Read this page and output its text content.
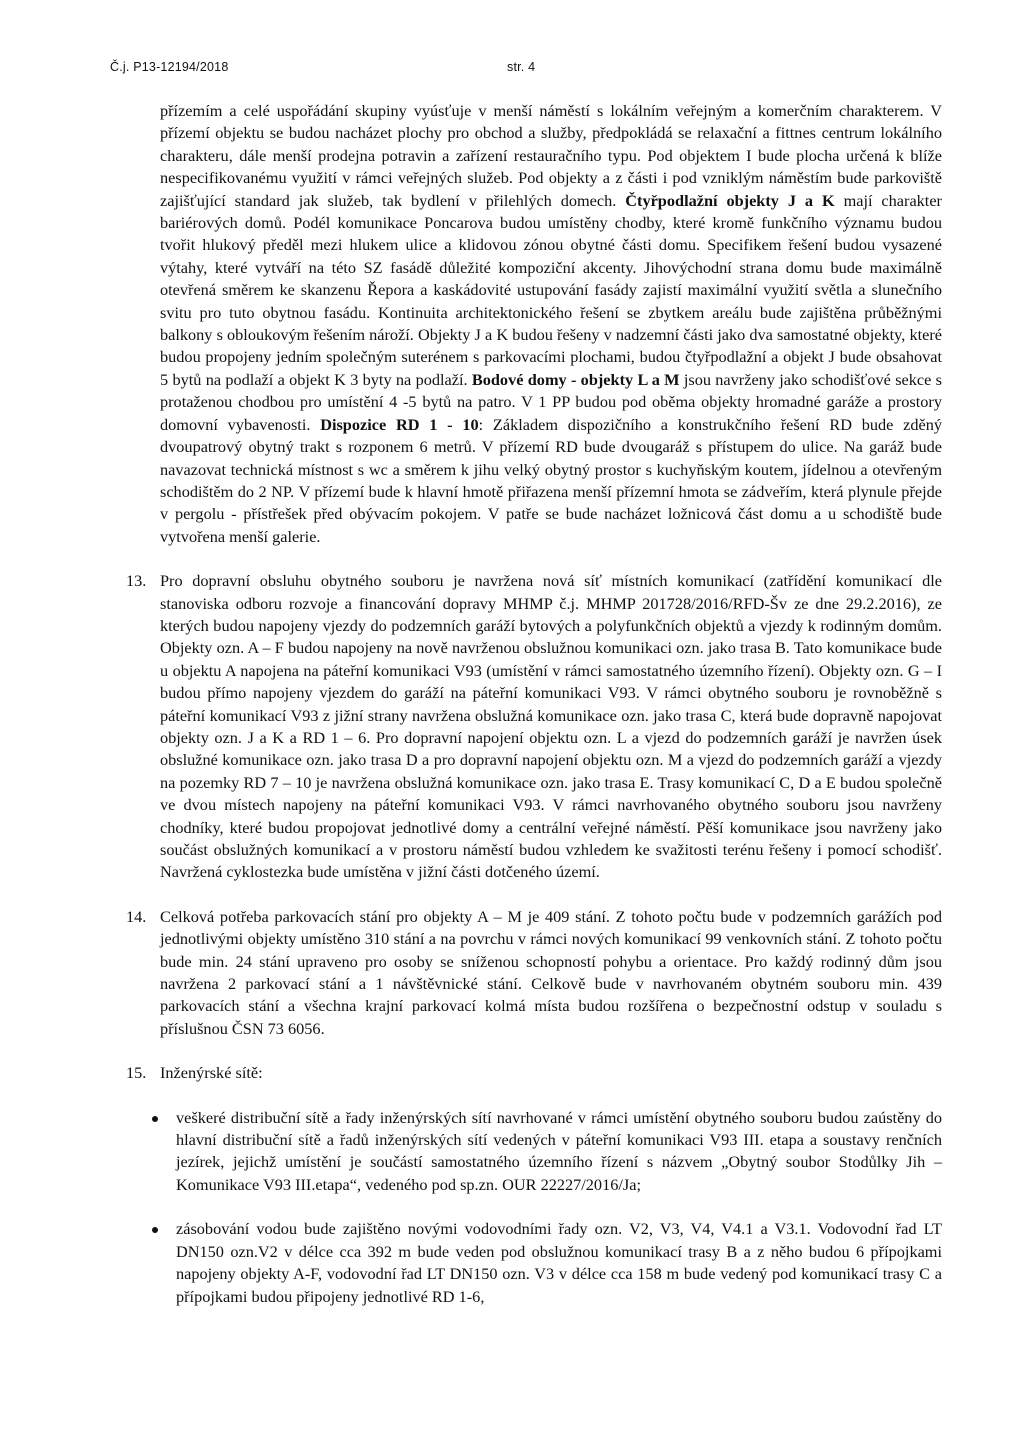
Č.j. P13-12194/2018	str. 4

přízemím a celé uspořádání skupiny vyúsťuje v menší náměstí s lokálním veřejným a komerčním charakterem. V přízemí objektu se budou nacházet plochy pro obchod a služby, předpokládá se relaxační a fittnes centrum lokálního charakteru, dále menší prodejna potravin a zařízení restauračního typu. Pod objektem I bude plocha určená k blíže nespecifikovanému využití v rámci veřejných služeb. Pod objekty a z části i pod vzniklým náměstím bude parkoviště zajišťující standard jak služeb, tak bydlení v přilehlých domech. Čtyřpodlažní objekty J a K mají charakter bariérových domů. Podél komunikace Poncarova budou umístěny chodby, které kromě funkčního významu budou tvořit hlukový předěl mezi hlukem ulice a klidovou zónou obytné části domu. Specifikem řešení budou vysazené výtahy, které vytváří na této SZ fasádě důležité kompoziční akcenty. Jihovýchodní strana domu bude maximálně otevřená směrem ke skanzenu Řepora a kaskádovité ustupování fasády zajistí maximální využití světla a slunečního svitu pro tuto obytnou fasádu. Kontinuita architektonického řešení se zbytkem areálu bude zajištěna průběžnými balkony s obloukovým řešením nároží. Objekty J a K budou řešeny v nadzemní části jako dva samostatné objekty, které budou propojeny jedním společným suterénem s parkovacími plochami, budou čtyřpodlažní a objekt J bude obsahovat 5 bytů na podlaží a objekt K 3 byty na podlaží. Bodové domy - objekty L a M jsou navrženy jako schodišťové sekce s protaženou chodbou pro umístění 4 -5 bytů na patro. V 1 PP budou pod oběma objekty hromadné garáže a prostory domovní vybavenosti. Dispozice RD 1 - 10: Základem dispozičního a konstrukčního řešení RD bude zděný dvoupatrový obytný trakt s rozponem 6 metrů. V přízemí RD bude dvougaráž s přístupem do ulice. Na garáž bude navazovat technická místnost s wc a směrem k jihu velký obytný prostor s kuchyňským koutem, jídelnou a otevřeným schodištěm do 2 NP. V přízemí bude k hlavní hmotě přiřazena menší přízemní hmota se zádveřím, která plynule přejde v pergolu - přístřešek před obývacím pokojem. V patře se bude nacházet ložnicová část domu a u schodiště bude vytvořena menší galerie.

13. Pro dopravní obsluhu obytného souboru je navržena nová síť místních komunikací (zatřídění komunikací dle stanoviska odboru rozvoje a financování dopravy MHMP č.j. MHMP 201728/2016/RFD-Šv ze dne 29.2.2016), ze kterých budou napojeny vjezdy do podzemních garáží bytových a polyfunkčních objektů a vjezdy k rodinným domům. Objekty ozn. A – F budou napojeny na nově navrženou obslužnou komunikaci ozn. jako trasa B. Tato komunikace bude u objektu A napojena na páteřní komunikaci V93 (umístění v rámci samostatného územního řízení). Objekty ozn. G – I budou přímo napojeny vjezdem do garáží na páteřní komunikaci V93. V rámci obytného souboru je rovnoběžně s páteřní komunikací V93 z jižní strany navržena obslužná komunikace ozn. jako trasa C, která bude dopravně napojovat objekty ozn. J a K a RD 1 – 6. Pro dopravní napojení objektu ozn. L a vjezd do podzemních garáží je navržen úsek obslužné komunikace ozn. jako trasa D a pro dopravní napojení objektu ozn. M a vjezd do podzemních garáží a vjezdy na pozemky RD 7 – 10 je navržena obslužná komunikace ozn. jako trasa E. Trasy komunikací C, D a E budou společně ve dvou místech napojeny na páteřní komunikaci V93. V rámci navrhovaného obytného souboru jsou navrženy chodníky, které budou propojovat jednotlivé domy a centrální veřejné náměstí. Pěší komunikace jsou navrženy jako součást obslužných komunikací a v prostoru náměstí budou vzhledem ke svažitosti terénu řešeny i pomocí schodišť. Navržená cyklostezka bude umístěna v jižní části dotčeného území.

14. Celková potřeba parkovacích stání pro objekty A – M je 409 stání. Z tohoto počtu bude v podzemních garážích pod jednotlivými objekty umístěno 310 stání a na povrchu v rámci nových komunikací 99 venkovních stání. Z tohoto počtu bude min. 24 stání upraveno pro osoby se sníženou schopností pohybu a orientace. Pro každý rodinný dům jsou navržena 2 parkovací stání a 1 návštěvnické stání. Celkově bude v navrhovaném obytném souboru min. 439 parkovacích stání a všechna krajní parkovací kolmá místa budou rozšířena o bezpečnostní odstup v souladu s příslušnou ČSN 73 6056.

15. Inženýrské sítě:

veškeré distribuční sítě a řady inženýrských sítí navrhované v rámci umístění obytného souboru budou zaústěny do hlavní distribuční sítě a řadů inženýrských sítí vedených v páteřní komunikaci V93 III. etapa a soustavy renčních jezírek, jejichž umístění je součástí samostatného územního řízení s názvem „Obytný soubor Stodůlky Jih – Komunikace V93 III.etapa“, vedeného pod sp.zn. OUR 22227/2016/Ja;
zásobování vodou bude zajištěno novými vodovodními řady ozn. V2, V3, V4, V4.1 a V3.1. Vodovodní řad LT DN150 ozn.V2 v délce cca 392 m bude veden pod obslužnou komunikací trasy B a z něho budou 6 přípojkami napojeny objekty A-F, vodovodní řad LT DN150 ozn. V3 v délce cca 158 m bude vedený pod komunikací trasy C a přípojkami budou připojeny jednotlivé RD 1-6,
